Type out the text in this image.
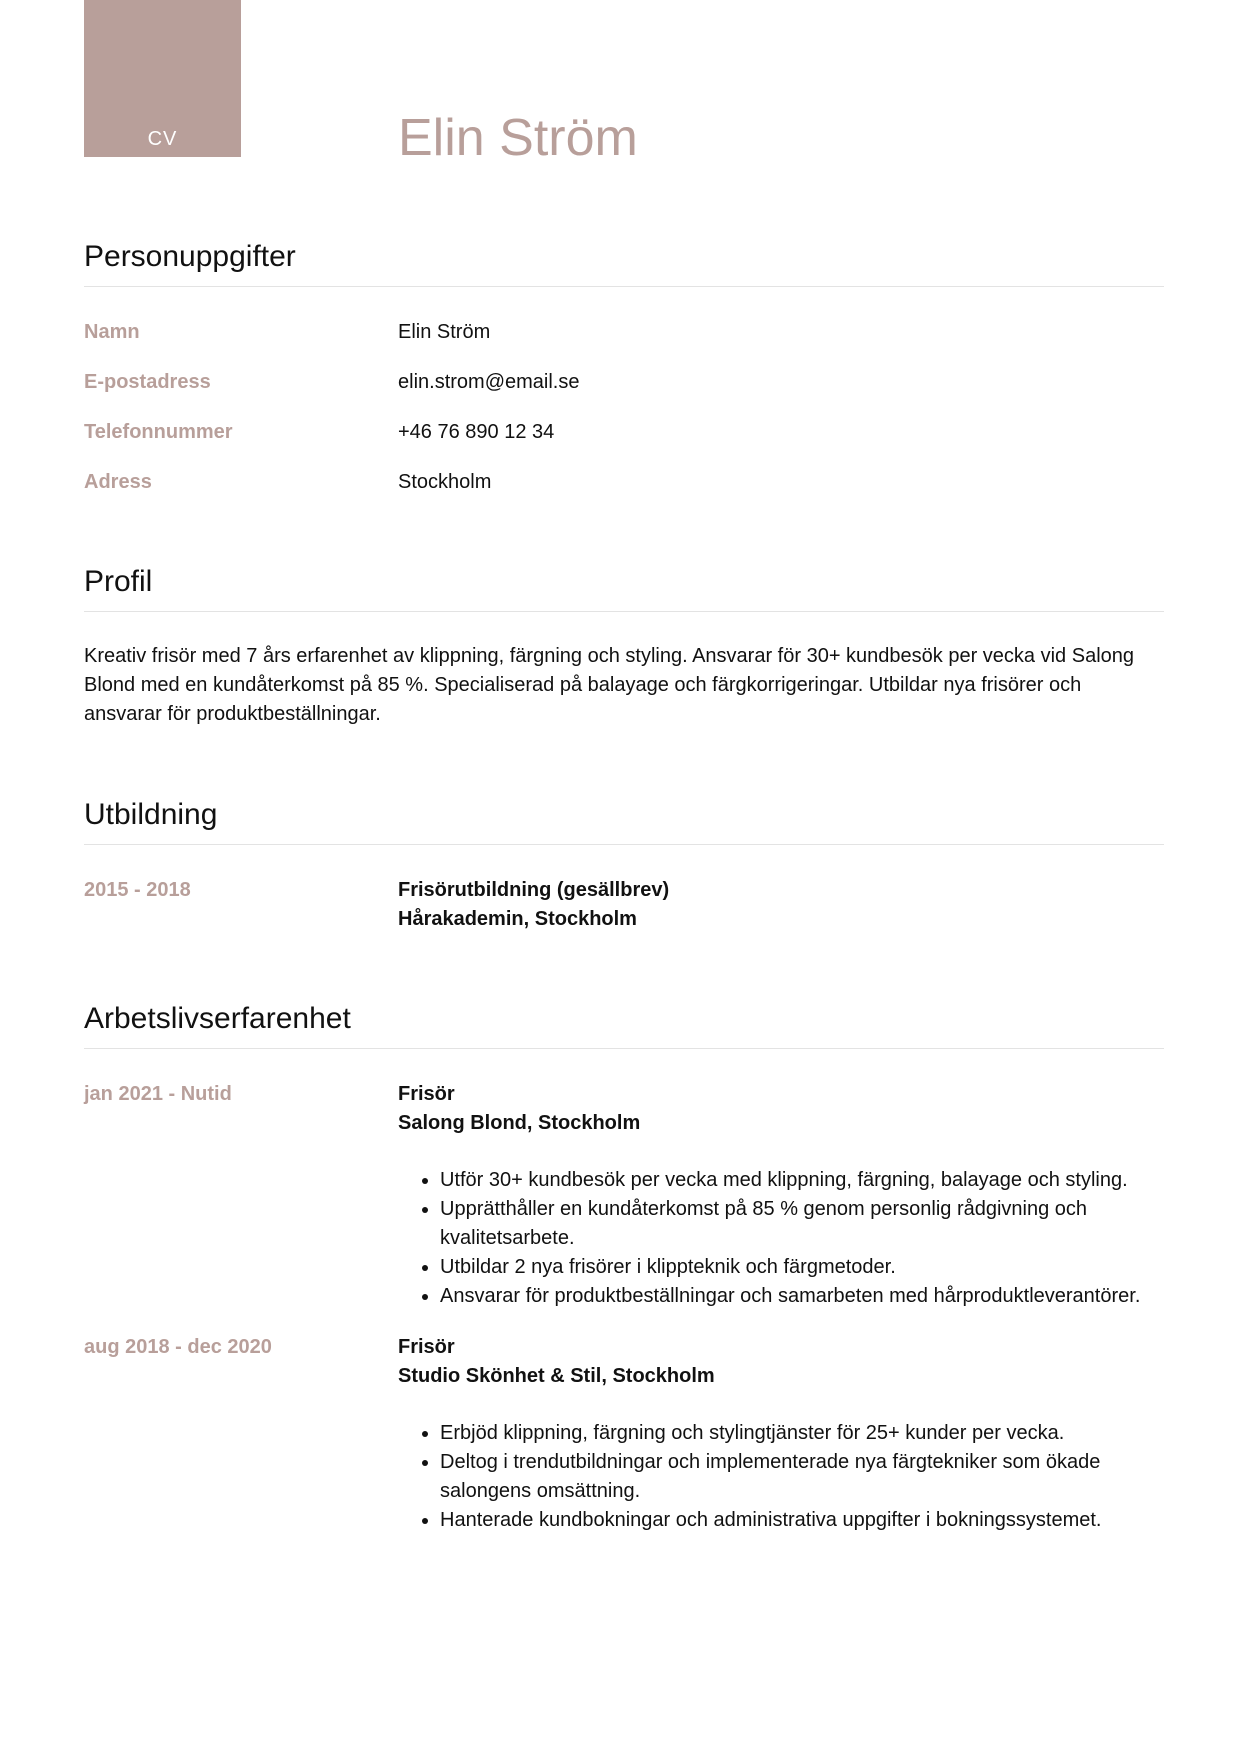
CV	Elin Ström
Personuppgifter
Namn	Elin Ström
E-postadress	elin.strom@email.se
Telefonnummer	+46 76 890 12 34
Adress	Stockholm
Profil
Kreativ frisör med 7 års erfarenhet av klippning, färgning och styling. Ansvarar för 30+ kundbesök per vecka vid Salong Blond med en kundåterkomst på 85 %. Specialiserad på balayage och färgkorrigeringar. Utbildar nya frisörer och ansvarar för produktbeställningar.
Utbildning
2015 - 2018	Frisörutbildning (gesällbrev)
Hårakademin, Stockholm
Arbetslivserfarenhet
jan 2021 - Nutid	Frisör
Salong Blond, Stockholm
• Utför 30+ kundbesök per vecka med klippning, färgning, balayage och styling.
• Upprätthåller en kundåterkomst på 85 % genom personlig rådgivning och kvalitetsarbete.
• Utbildar 2 nya frisörer i klippteknik och färgmetoder.
• Ansvarar för produktbeställningar och samarbeten med hårproduktleverantörer.
aug 2018 - dec 2020	Frisör
Studio Skönhet & Stil, Stockholm
• Erbjöd klippning, färgning och stylingtjänster för 25+ kunder per vecka.
• Deltog i trendutbildningar och implementerade nya färgtekniker som ökade salongens omsättning.
• Hanterade kundbokningar och administrativa uppgifter i bokningssystemet.
